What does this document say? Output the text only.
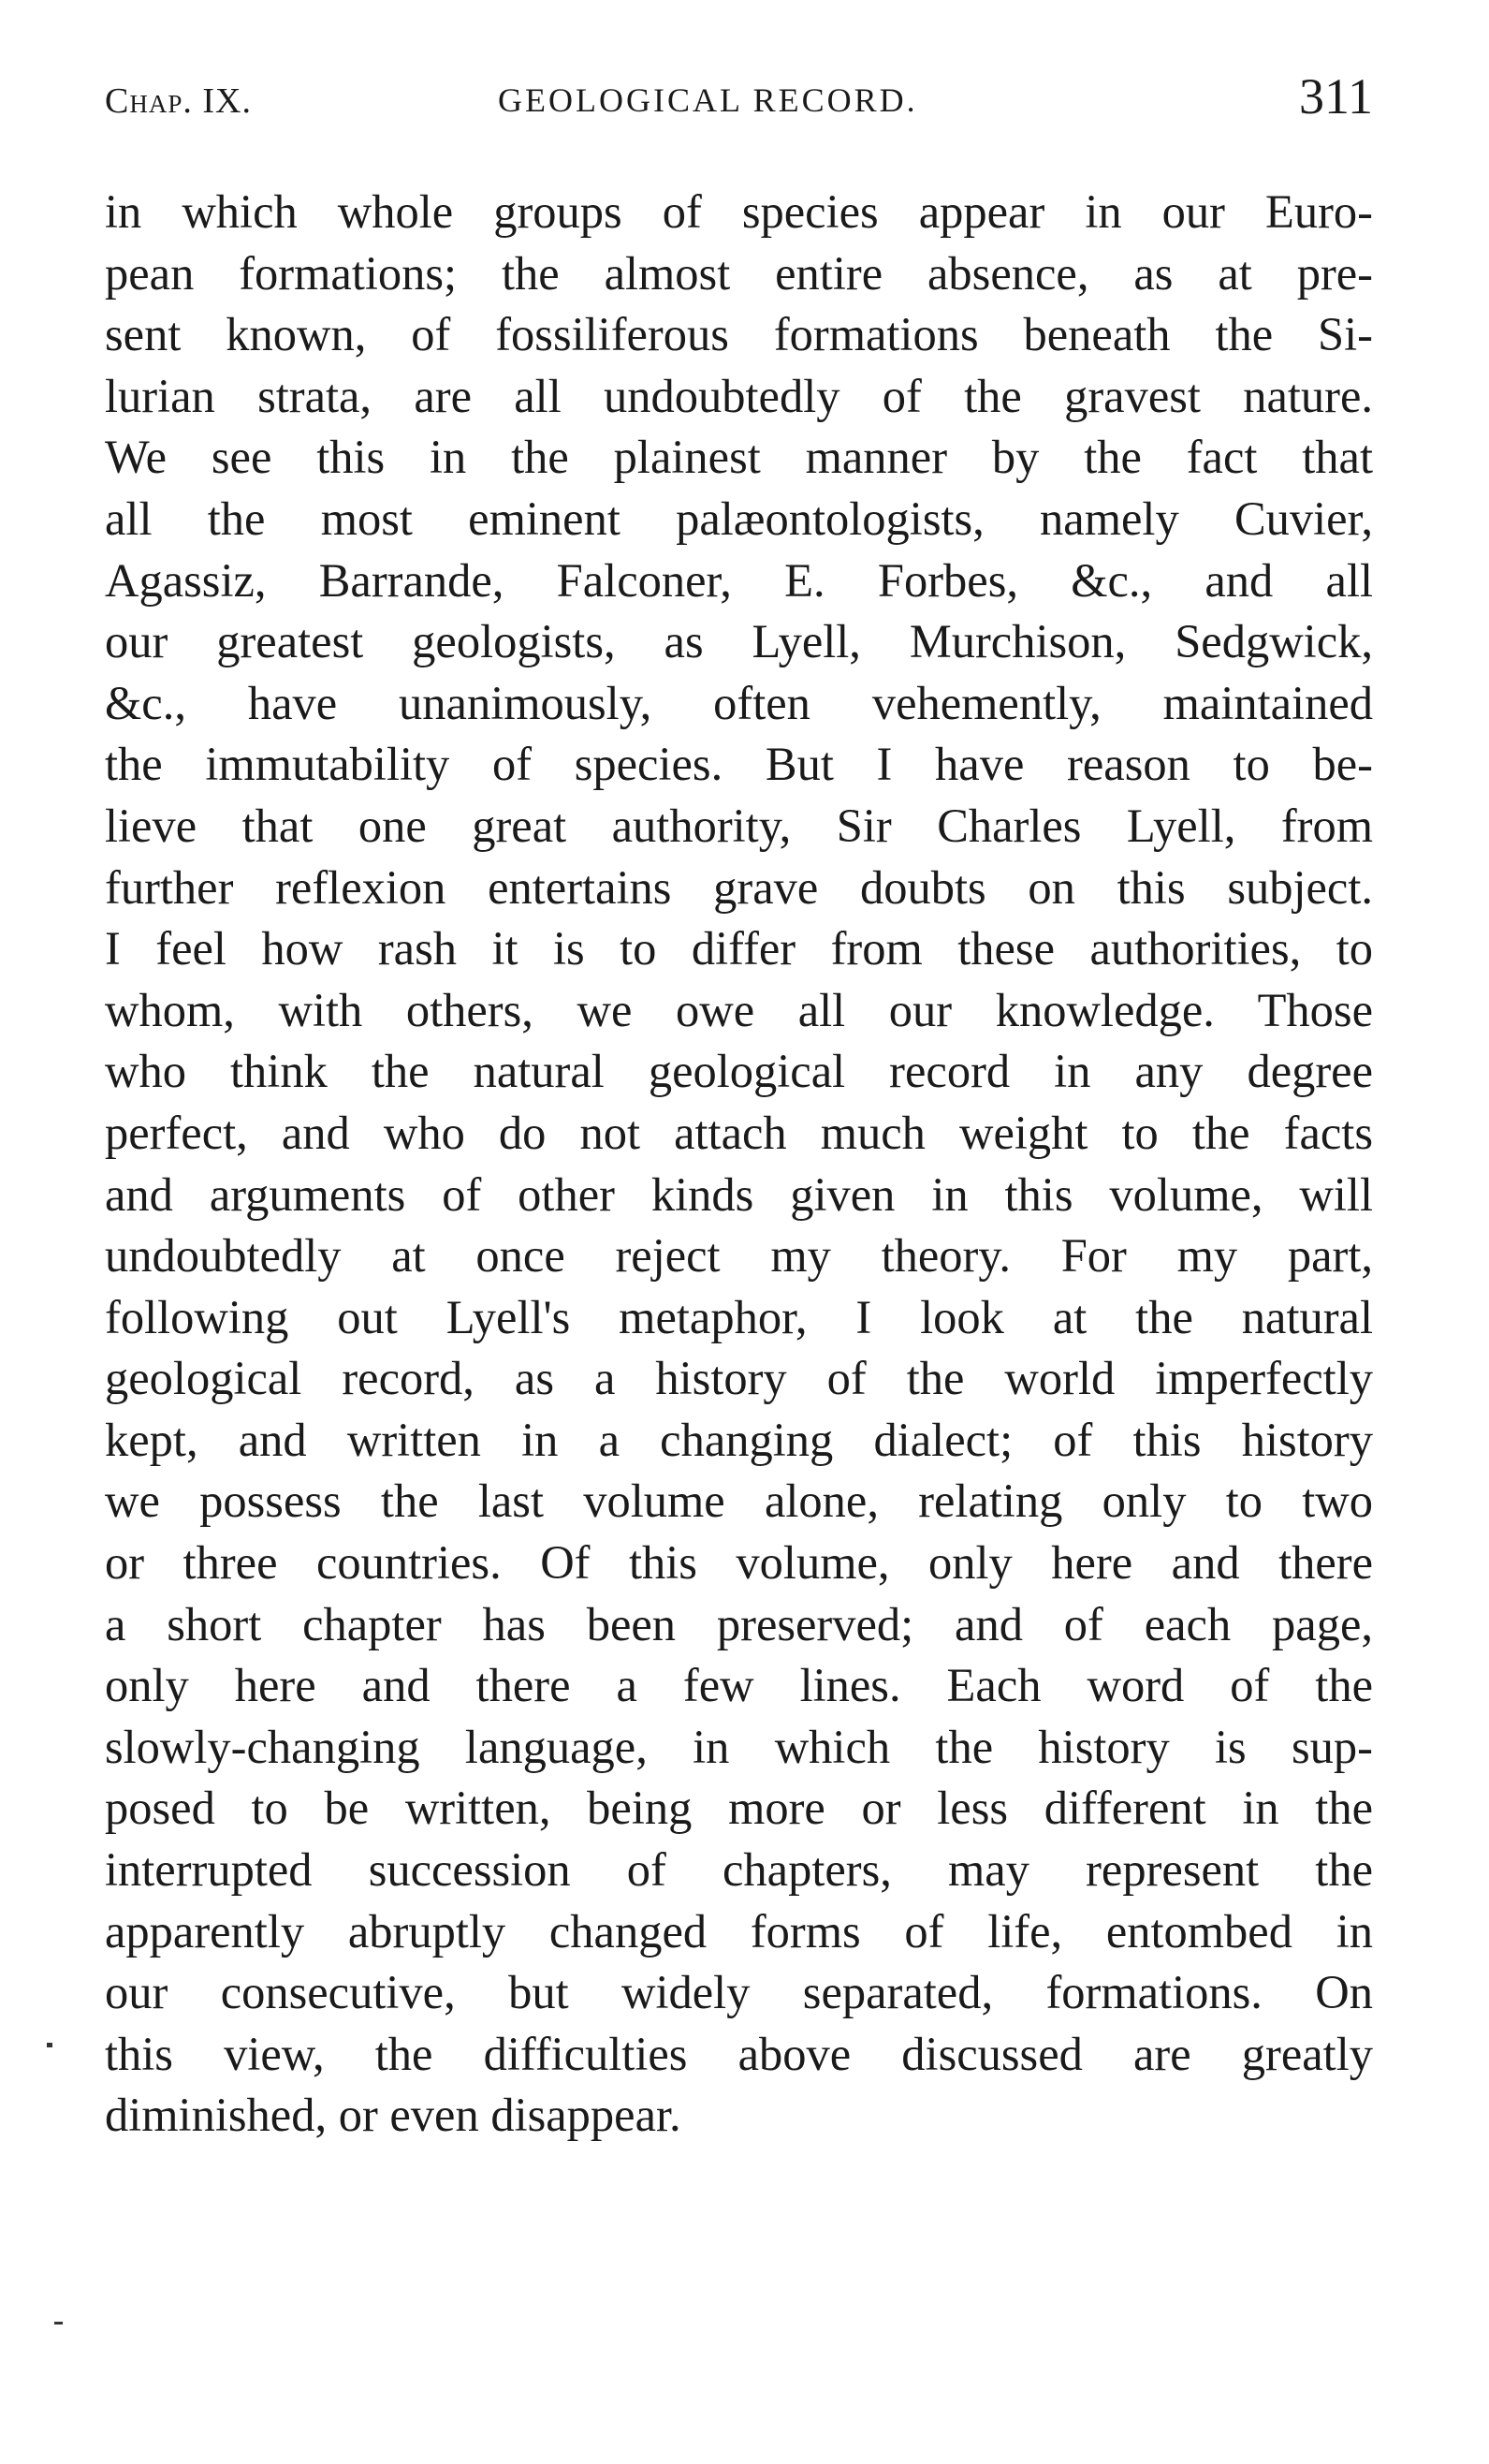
Chap. IX.	GEOLOGICAL RECORD.	311
in which whole groups of species appear in our Euro-
pean formations; the almost entire absence, as at pre-
sent known, of fossiliferous formations beneath the Si-
lurian strata, are all undoubtedly of the gravest nature.
We see this in the plainest manner by the fact that
all the most eminent palæontologists, namely Cuvier,
Agassiz, Barrande, Falconer, E. Forbes, &c., and all
our greatest geologists, as Lyell, Murchison, Sedgwick,
&c., have unanimously, often vehemently, maintained
the immutability of species. But I have reason to be-
lieve that one great authority, Sir Charles Lyell, from
further reflexion entertains grave doubts on this subject.
I feel how rash it is to differ from these authorities, to
whom, with others, we owe all our knowledge. Those
who think the natural geological record in any degree
perfect, and who do not attach much weight to the facts
and arguments of other kinds given in this volume, will
undoubtedly at once reject my theory. For my part,
following out Lyell's metaphor, I look at the natural
geological record, as a history of the world imperfectly
kept, and written in a changing dialect; of this history
we possess the last volume alone, relating only to two
or three countries. Of this volume, only here and there
a short chapter has been preserved; and of each page,
only here and there a few lines. Each word of the
slowly-changing language, in which the history is sup-
posed to be written, being more or less different in the
interrupted succession of chapters, may represent the
apparently abruptly changed forms of life, entombed in
our consecutive, but widely separated, formations. On
this view, the difficulties above discussed are greatly
diminished, or even disappear.
